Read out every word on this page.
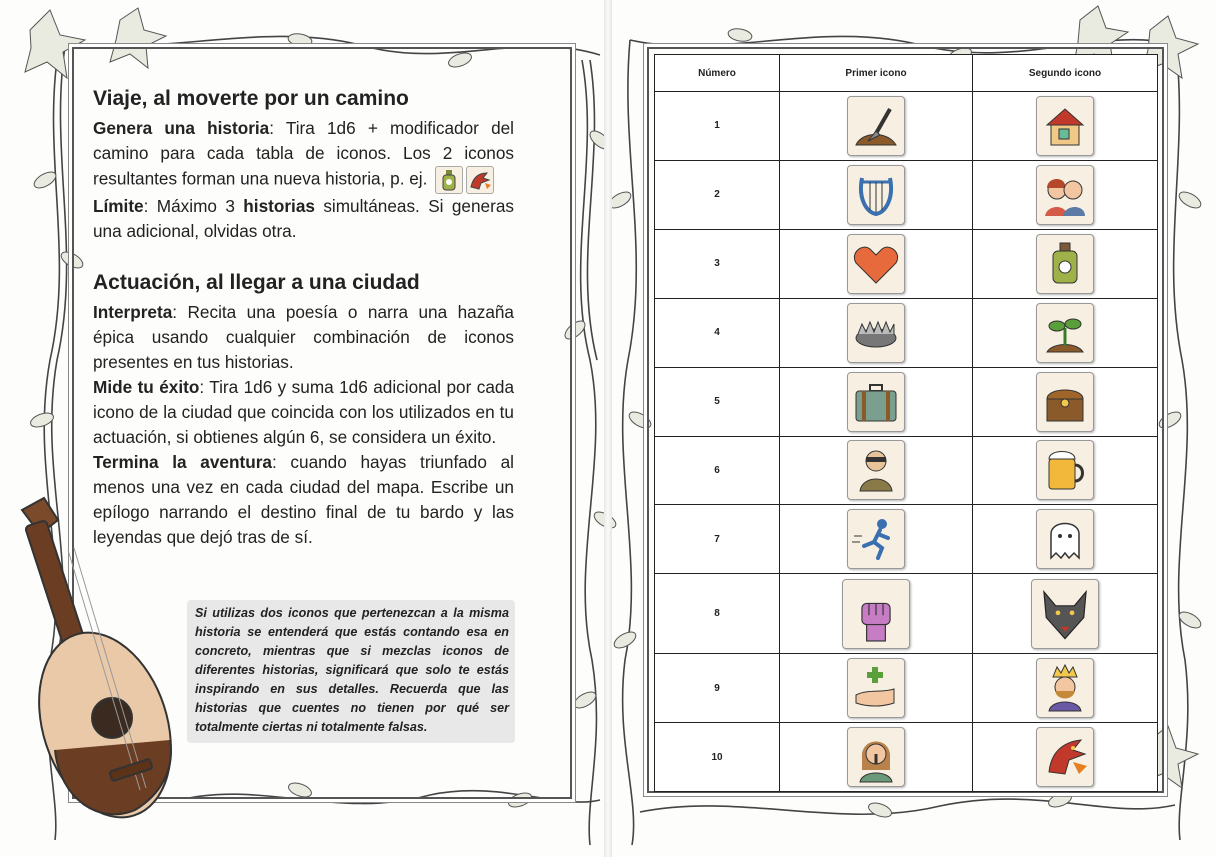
Viaje, al moverte por un camino

Genera una historia: Tira 1d6 + modificador del camino para cada tabla de iconos. Los 2 iconos resultantes forman una nueva historia, p. ej.

Límite: Máximo 3 historias simultáneas. Si generas una adicional, olvidas otra.

Actuación, al llegar a una ciudad

Interpreta: Recita una poesía o narra una hazaña épica usando cualquier combinación de iconos presentes en tus historias.

Mide tu éxito: Tira 1d6 y suma 1d6 adicional por cada icono de la ciudad que coincida con los utilizados en tu actuación, si obtienes algún 6, se considera un éxito.

Termina la aventura: cuando hayas triunfado al menos una vez en cada ciudad del mapa. Escribe un epílogo narrando el destino final de tu bardo y las leyendas que dejó tras de sí.

Si utilizas dos iconos que pertenezcan a la misma historia se entenderá que estás contando esa en concreto, mientras que si mezclas iconos de diferentes historias, significará que solo te estás inspirando en sus detalles. Recuerda que las historias que cuentes no tienen por qué ser totalmente ciertas ni totalmente falsas.
Número	Primer icono	Segundo icono
1		
2		
3		
4		
5		
6		
7		
8		
9		
10		
